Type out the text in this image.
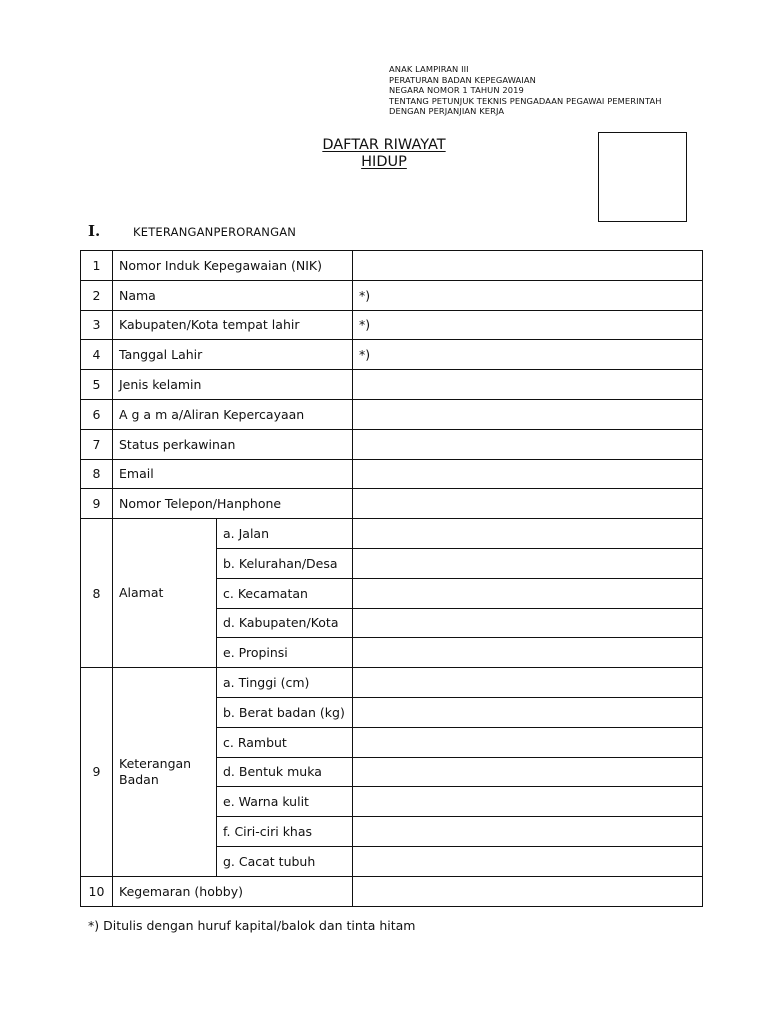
ANAK LAMPIRAN III
PERATURAN BADAN KEPEGAWAIAN
NEGARA NOMOR 1 TAHUN 2019
TENTANG PETUNJUK TEKNIS PENGADAAN PEGAWAI PEMERINTAH
DENGAN PERJANJIAN KERJA
DAFTAR RIWAYAT
HIDUP
I.	KETERANGANPERORANGAN
1	Nomor Induk Kepegawaian (NIK)		
2	Nama		*)
3	Kabupaten/Kota tempat lahir		*)
4	Tanggal Lahir		*)
5	Jenis kelamin		
6	A g a m a/Aliran Kepercayaan		
7	Status perkawinan		
8	Email		
9	Nomor Telepon/Hanphone		
8	Alamat	a. Jalan	
		b. Kelurahan/Desa	
		c. Kecamatan	
		d. Kabupaten/Kota	
		e. Propinsi	
9	Keterangan Badan	a. Tinggi (cm)	
		b. Berat badan (kg)	
		c. Rambut	
		d. Bentuk muka	
		e. Warna kulit	
		f. Ciri-ciri khas	
		g. Cacat tubuh	
10	Kegemaran (hobby)		
*) Ditulis dengan huruf kapital/balok dan tinta hitam
